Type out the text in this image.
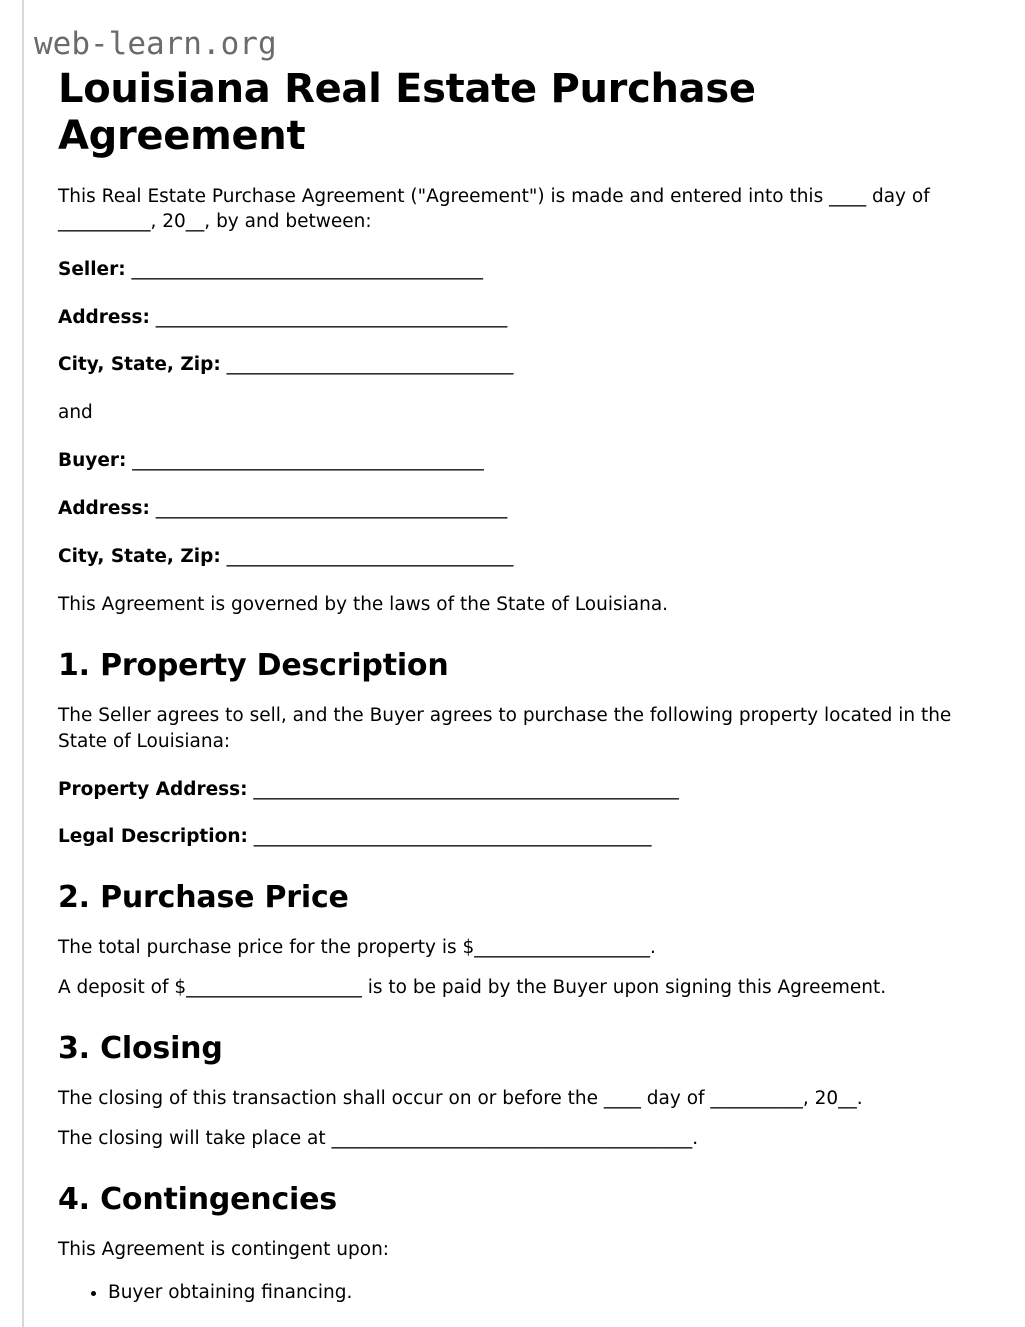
web-learn.org
Louisiana Real Estate Purchase Agreement

This Real Estate Purchase Agreement ("Agreement") is made and entered into this ____ day of __________, 20__, by and between:

Seller: ______________________________________

Address: ______________________________________

City, State, Zip: _______________________________

and

Buyer: ______________________________________

Address: ______________________________________

City, State, Zip: _______________________________

This Agreement is governed by the laws of the State of Louisiana.

1. Property Description

The Seller agrees to sell, and the Buyer agrees to purchase the following property located in the State of Louisiana:

Property Address: ______________________________________________

Legal Description: ___________________________________________

2. Purchase Price

The total purchase price for the property is $___________________.

A deposit of $___________________ is to be paid by the Buyer upon signing this Agreement.

3. Closing

The closing of this transaction shall occur on or before the ____ day of __________, 20__.

The closing will take place at _______________________________________.

4. Contingencies

This Agreement is contingent upon:

• Buyer obtaining financing.
